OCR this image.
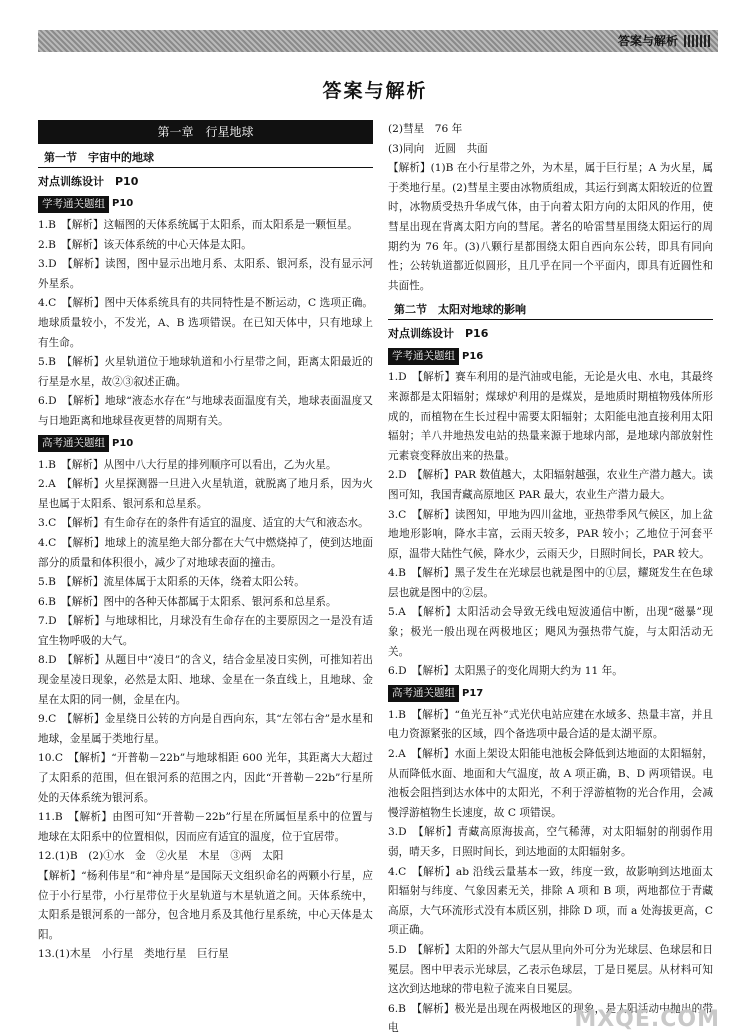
答案与解析
答案与解析
第一章　行星地球
第一节　宇宙中的地球
对点训练设计　P10
学考通关题组 P10

1.B　【解析】这幅图的天体系统属于太阳系，而太阳系是一颗恒星。

2.B　【解析】该天体系统的中心天体是太阳。

3.D　【解析】读图，图中显示出地月系、太阳系、银河系，没有显示河外星系。

4.C　【解析】图中天体系统具有的共同特性是不断运动，C 选项正确。地球质量较小，不发光，A、B 选项错误。在已知天体中，只有地球上有生命。

5.B　【解析】火星轨道位于地球轨道和小行星带之间，距离太阳最近的行星是水星，故②③叙述正确。

6.D　【解析】地球“液态水存在”与地球表面温度有关，地球表面温度又与日地距离和地球昼夜更替的周期有关。

高考通关题组 P10

1.B　【解析】从图中八大行星的排列顺序可以看出，乙为火星。

2.A　【解析】火星探测器一旦进入火星轨道，就脱离了地月系，因为火星也属于太阳系、银河系和总星系。

3.C　【解析】有生命存在的条件有适宜的温度、适宜的大气和液态水。

4.C　【解析】地球上的流星绝大部分都在大气中燃烧掉了，使到达地面部分的质量和体积很小，减少了对地球表面的撞击。

5.B　【解析】流星体属于太阳系的天体，绕着太阳公转。

6.B　【解析】图中的各种天体都属于太阳系、银河系和总星系。

7.D　【解析】与地球相比，月球没有生命存在的主要原因之一是没有适宜生物呼吸的大气。

8.D　【解析】从题目中“凌日”的含义，结合金星凌日实例，可推知若出现金星凌日现象，必然是太阳、地球、金星在一条直线上，且地球、金星在太阳的同一侧，金星在内。

9.C　【解析】金星绕日公转的方向是自西向东，其“左邻右舍”是水星和地球，金星属于类地行星。

10.C　【解析】“开普勒－22b”与地球相距 600 光年，其距离大大超过了太阳系的范围，但在银河系的范围之内，因此“开普勒－22b”行星所处的天体系统为银河系。

11.B　【解析】由图可知“开普勒－22b”行星在所属恒星系中的位置与地球在太阳系中的位置相似，因而应有适宜的温度，位于宜居带。

12.(1)B　(2)①水　金　②火星　木星　③两　太阳

【解析】“杨利伟星”和“神舟星”是国际天文组织命名的两颗小行星，应位于小行星带，小行星带位于火星轨道与木星轨道之间。天体系统中，太阳系是银河系的一部分，包含地月系及其他行星系统，中心天体是太阳。

13.(1)木星　小行星　类地行星　巨行星

(2)彗星　76 年

(3)同向　近圆　共面

【解析】(1)B 在小行星带之外，为木星，属于巨行星；A 为火星，属于类地行星。(2)彗星主要由冰物质组成，其运行到离太阳较近的位置时，冰物质受热升华成气体，由于向着太阳方向的太阳风的作用，使彗星出现在背离太阳方向的彗尾。著名的哈雷彗星围绕太阳运行的周期约为 76 年。(3)八颗行星都围绕太阳自西向东公转，即具有同向性；公转轨道都近似圆形，且几乎在同一个平面内，即具有近圆性和共面性。

第二节　太阳对地球的影响
对点训练设计　P16
学考通关题组 P16

1.D　【解析】赛车利用的是汽油或电能，无论是火电、水电，其最终来源都是太阳辐射；煤球炉利用的是煤炭，是地质时期植物残体所形成的，而植物在生长过程中需要太阳辐射；太阳能电池直接利用太阳辐射；羊八井地热发电站的热量来源于地球内部，是地球内部放射性元素衰变释放出来的热量。

2.D　【解析】PAR 数值越大，太阳辐射越强，农业生产潜力越大。读图可知，我国青藏高原地区 PAR 最大，农业生产潜力最大。

3.C　【解析】读图知，甲地为四川盆地，亚热带季风气候区，加上盆地地形影响，降水丰富，云雨天较多，PAR 较小；乙地位于河套平原，温带大陆性气候，降水少，云雨天少，日照时间长，PAR 较大。

4.B　【解析】黑子发生在光球层也就是图中的①层，耀斑发生在色球层也就是图中的②层。

5.A　【解析】太阳活动会导致无线电短波通信中断，出现“磁暴”现象；极光一般出现在两极地区；飓风为强热带气旋，与太阳活动无关。

6.D　【解析】太阳黑子的变化周期大约为 11 年。

高考通关题组 P17

1.B　【解析】“鱼光互补”式光伏电站应建在水域多、热量丰富，并且电力资源紧张的区域，四个备选项中最合适的是太湖平原。

2.A　【解析】水面上架设太阳能电池板会降低到达地面的太阳辐射，从而降低水面、地面和大气温度，故 A 项正确，B、D 两项错误。电池板会阻挡到达水体中的太阳光，不利于浮游植物的光合作用，会减慢浮游植物生长速度，故 C 项错误。

3.D　【解析】青藏高原海拔高，空气稀薄，对太阳辐射的削弱作用弱，晴天多，日照时间长，到达地面的太阳辐射多。

4.C　【解析】ab 沿线云量基本一致，纬度一致，故影响到达地面太阳辐射与纬度、气象因素无关，排除 A 项和 B 项，两地都位于青藏高原，大气环流形式没有本质区别，排除 D 项，而 a 处海拔更高，C 项正确。

5.D　【解析】太阳的外部大气层从里向外可分为光球层、色球层和日冕层。图中甲表示光球层，乙表示色球层，丁是日冕层。从材料可知这次到达地球的带电粒子流来自日冕层。

6.B　【解析】极光是出现在两极地区的现象，是太阳活动中抛出的带电	MXQE.COM
